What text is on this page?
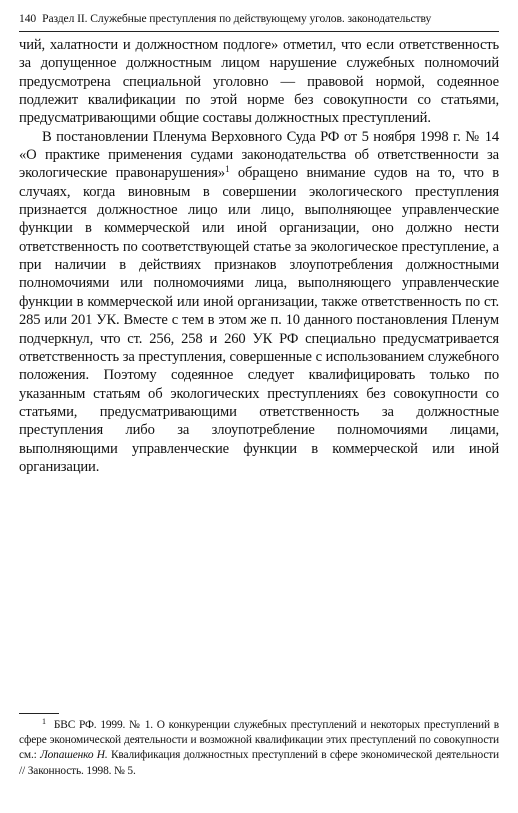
140 Раздел II. Служебные преступления по действующему уголов. законодательству

чий, халатности и должностном подлоге» отметил, что если ответственность за допущенное должностным лицом нарушение служебных полномочий предусмотрена специальной уголовно — правовой нормой, содеянное подлежит квалификации по этой норме без совокупности со статьями, предусматривающими общие составы должностных преступлений.

В постановлении Пленума Верховного Суда РФ от 5 ноября 1998 г. № 14 «О практике применения судами законодательства об ответственности за экологические правонарушения»$^1$ обращено внимание судов на то, что в случаях, когда виновным в совершении экологического преступления признается должностное лицо или лицо, выполняющее управленческие функции в коммерческой или иной организации, оно должно нести ответственность по соответствующей статье за экологическое преступление, а при наличии в действиях признаков злоупотребления должностными полномочиями или полномочиями лица, выполняющего управленческие функции в коммерческой или иной организации, также ответственность по ст. 285 или 201 УК. Вместе с тем в этом же п. 10 данного постановления Пленум подчеркнул, что ст. 256, 258 и 260 УК РФ специально предусматривается ответственность за преступления, совершенные с использованием служебного положения. Поэтому содеянное следует квалифицировать только по указанным статьям об экологических преступлениях без совокупности со статьями, предусматривающими ответственность за должностные преступления либо за злоупотребление полномочиями лицами, выполняющими управленческие функции в коммерческой или иной организации.

$^1$ БВС РФ. 1999. № 1. О конкуренции служебных преступлений и некоторых преступлений в сфере экономической деятельности и возможной квалификации этих преступлений по совокупности см.: Лопашенко Н. Квалификация должностных преступлений в сфере экономической деятельности // Законность. 1998. № 5.
